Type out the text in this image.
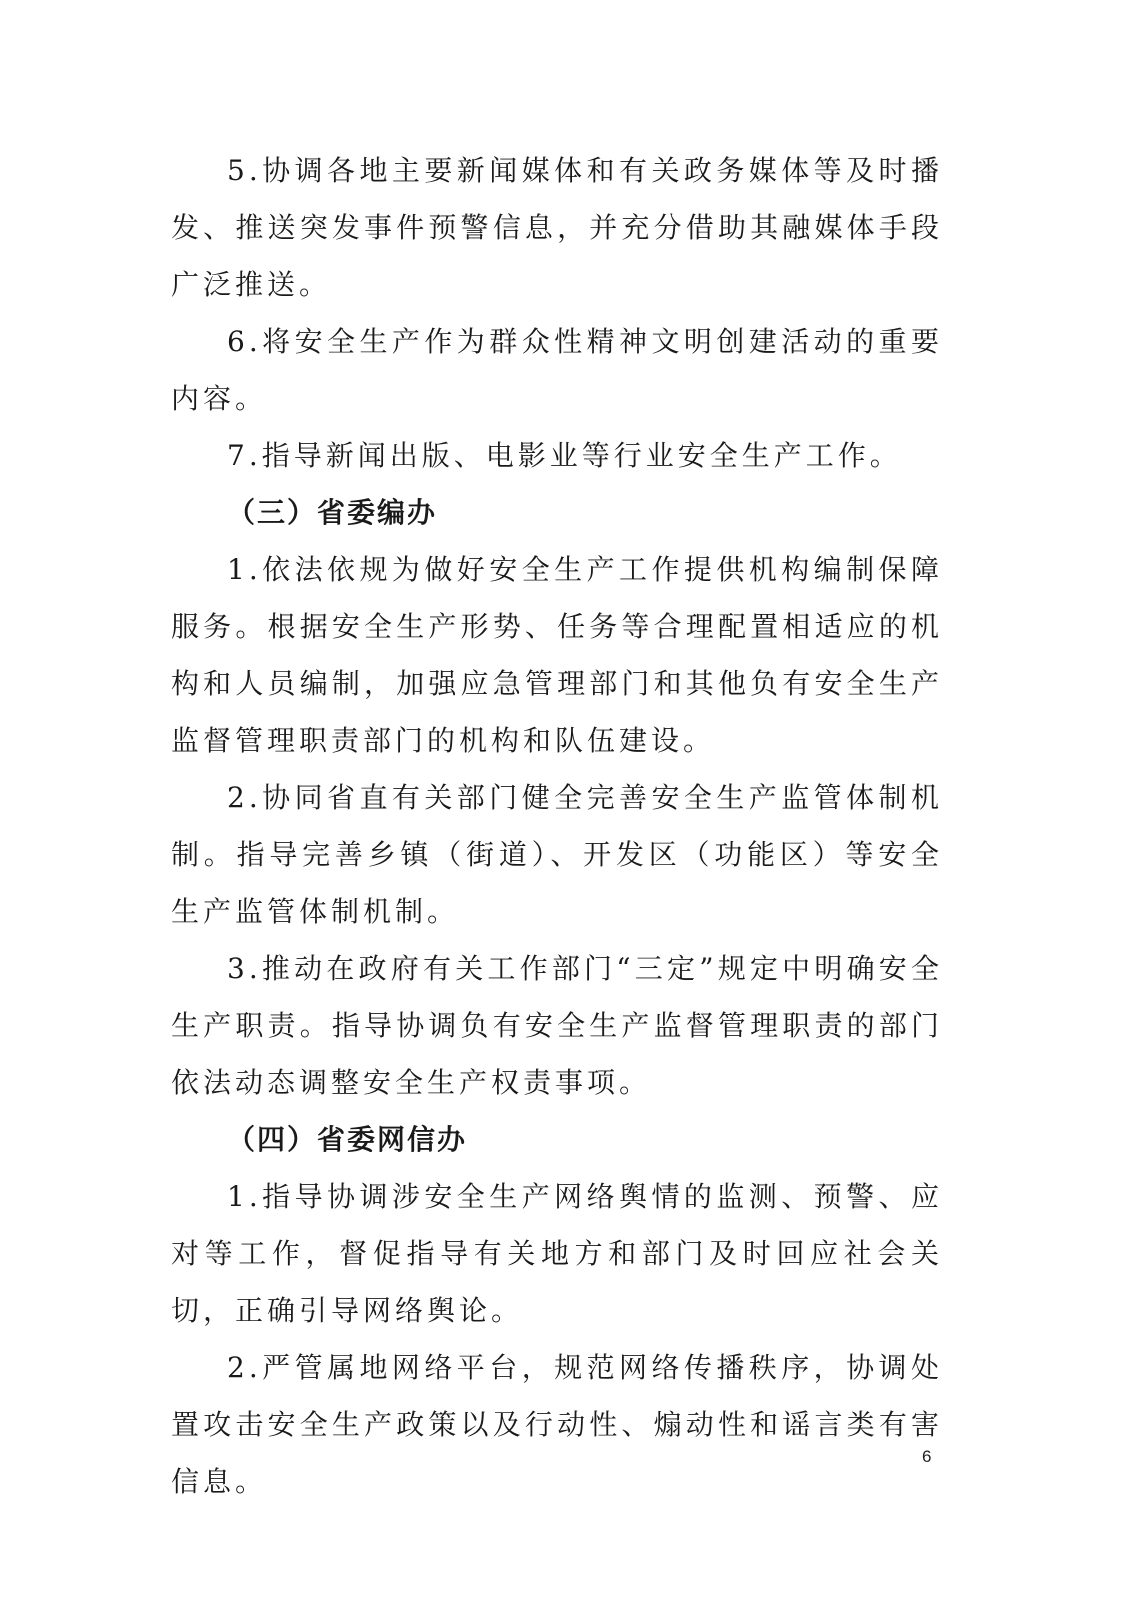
5.协调各地主要新闻媒体和有关政务媒体等及时播发、推送突发事件预警信息，并充分借助其融媒体手段广泛推送。

6.将安全生产作为群众性精神文明创建活动的重要内容。

7.指导新闻出版、电影业等行业安全生产工作。

（三）省委编办

1.依法依规为做好安全生产工作提供机构编制保障服务。根据安全生产形势、任务等合理配置相适应的机构和人员编制，加强应急管理部门和其他负有安全生产监督管理职责部门的机构和队伍建设。

2.协同省直有关部门健全完善安全生产监管体制机制。指导完善乡镇（街道）、开发区（功能区）等安全生产监管体制机制。

3.推动在政府有关工作部门“三定”规定中明确安全生产职责。指导协调负有安全生产监督管理职责的部门依法动态调整安全生产权责事项。

（四）省委网信办

1.指导协调涉安全生产网络舆情的监测、预警、应对等工作，督促指导有关地方和部门及时回应社会关切，正确引导网络舆论。

2.严管属地网络平台，规范网络传播秩序，协调处置攻击安全生产政策以及行动性、煽动性和谣言类有害信息。

6
